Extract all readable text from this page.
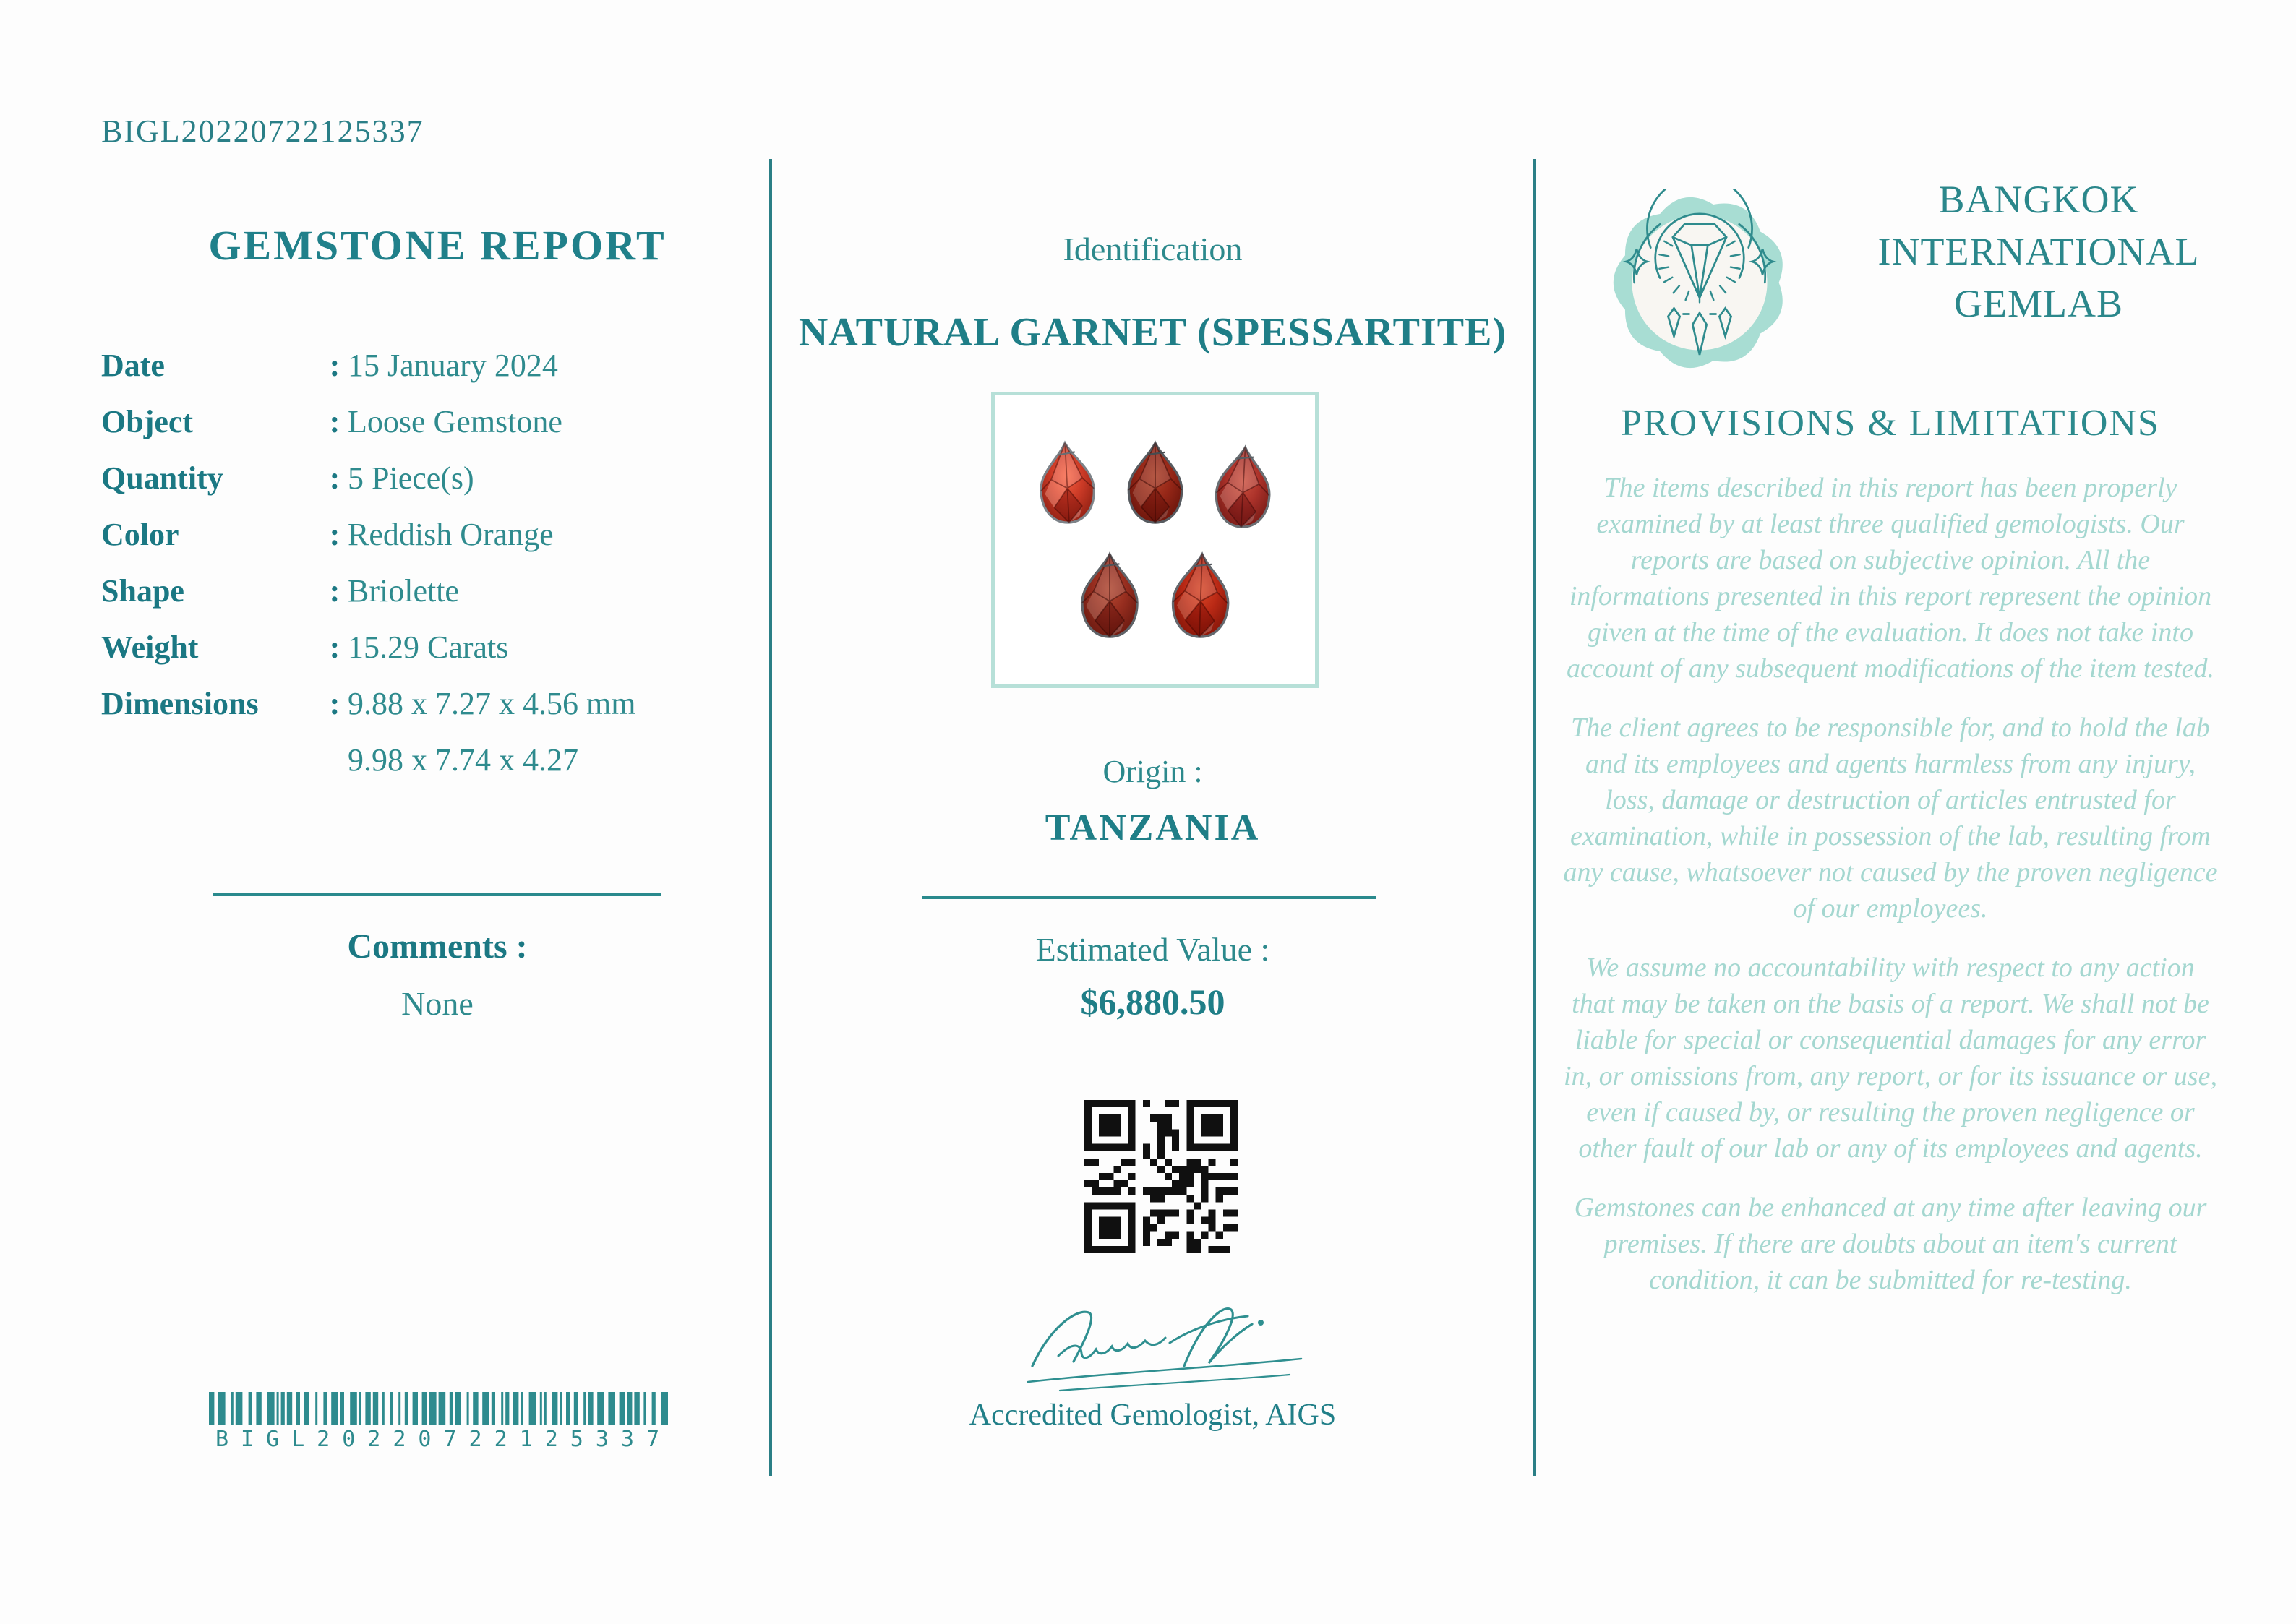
BIGL20220722125337
GEMSTONE REPORT
Date	: 15 January 2024
Object	: Loose Gemstone
Quantity	: 5 Piece(s)
Color	: Reddish Orange
Shape	: Briolette
Weight	: 15.29 Carats
Dimensions	: 9.88 x 7.27 x 4.56 mm
9.98 x 7.74 x 4.27
Comments :
None
BIGL20220722125337
Identification
NATURAL GARNET (SPESSARTITE)
Origin :
TANZANIA
Estimated Value :
$6,880.50
Accredited Gemologist, AIGS
BANGKOK
INTERNATIONAL
GEMLAB
PROVISIONS & LIMITATIONS

The items described in this report has been properly examined by at least three qualified gemologists. Our reports are based on subjective opinion. All the informations presented in this report represent the opinion given at the time of the evaluation. It does not take into account of any subsequent modifications of the item tested.

The client agrees to be responsible for, and to hold the lab and its employees and agents harmless from any injury, loss, damage or destruction of articles entrusted for examination, while in possession of the lab, resulting from any cause, whatsoever not caused by the proven negligence of our employees.

We assume no accountability with respect to any action that may be taken on the basis of a report. We shall not be liable for special or consequential damages for any error in, or omissions from, any report, or for its issuance or use, even if caused by, or resulting the proven negligence or other fault of our lab or any of its employees and agents.

Gemstones can be enhanced at any time after leaving our premises. If there are doubts about an item's current condition, it can be submitted for re-testing.
